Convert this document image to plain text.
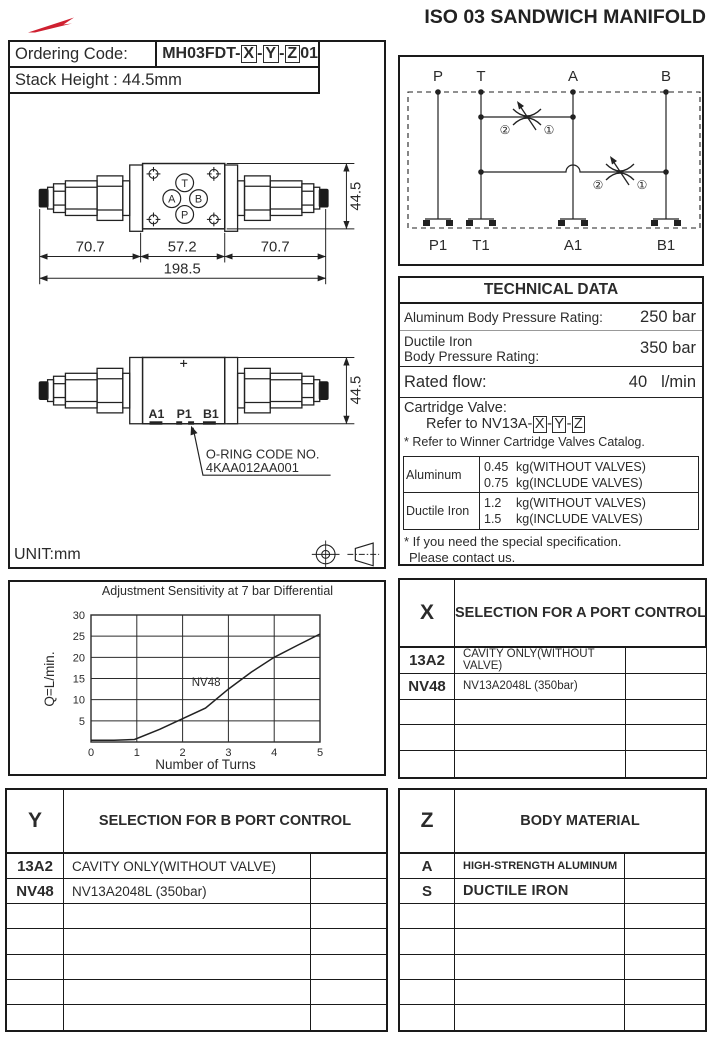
ISO 03 SANDWICH MANIFOLD
T
A B
P
70.7	57.2	70.7
198.5
44.5
A1 P1 B1
O-RING CODE NO.
4KAA012AA001
44.5
UNIT:mm
Ordering Code:	MH03FDT- X - Y - Z 01
Stack Height : 44.5mm
②	①
②	①
P T	A	B
P1 T1	A1	B1
TECHNICAL DATA
Aluminum Body Pressure Rating: 250 bar
Ductile Iron
Body Pressure Rating:	350 bar
Rated flow:	40 l/min
Cartridge Valve:
Refer to NV13A- X - Y - Z
* Refer to Winner Cartridge Valves Catalog.
Aluminum
0.45 kg(WITHOUT VALVES)
0.75 kg(INCLUDE VALVES)
Ductile Iron
1.2 kg(WITHOUT VALVES)
1.5 kg(INCLUDE VALVES)
* If you need the special specification.
Please contact us.
0	1	2	3	4	5
5
10
15
20
25
30
NV48
Adjustment Sensitivity at 7 bar Differential
Number of Turns
Q=L/min.
X	SELECTION FOR A PORT CONTROL
13A2	CAVITY ONLY(WITHOUT VALVE)
NV48	NV13A2048L (350bar)
Y	SELECTION FOR B PORT CONTROL
13A2	CAVITY ONLY(WITHOUT VALVE)
NV48	NV13A2048L (350bar)
Z	BODY MATERIAL
A	HIGH-STRENGTH ALUMINUM
S	DUCTILE IRON
